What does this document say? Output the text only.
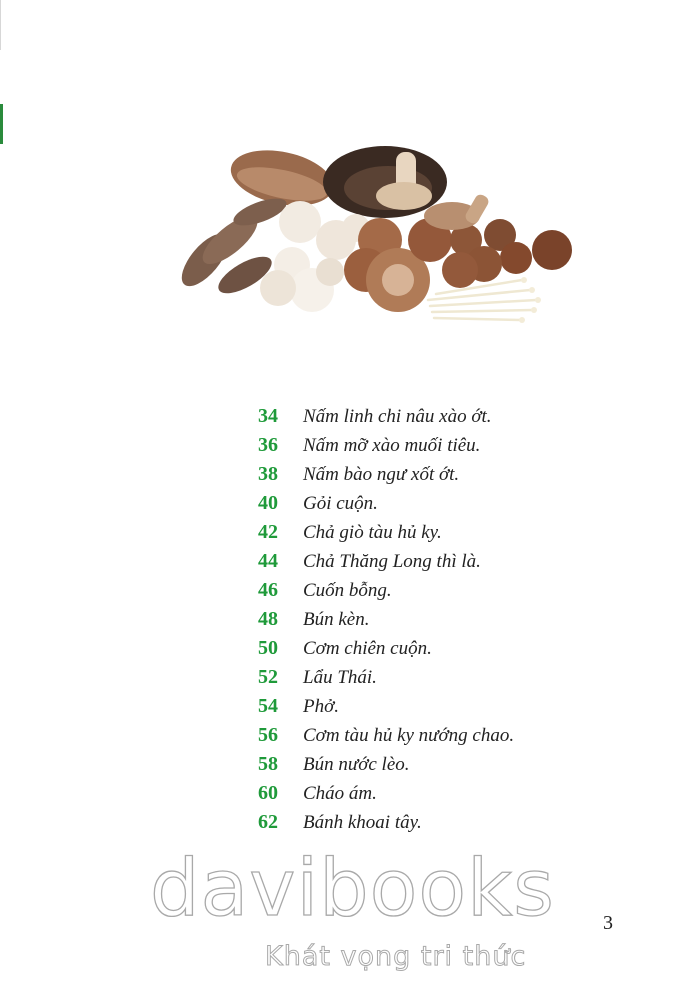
34	Nấm linh chi nâu xào ớt.
36	Nấm mỡ xào muối tiêu.
38	Nấm bào ngư xốt ớt.
40	Gỏi cuộn.
42	Chả giò tàu hủ ky.
44	Chả Thăng Long thì là.
46	Cuốn bỗng.
48	Bún kèn.
50	Cơm chiên cuộn.
52	Lẩu Thái.
54	Phở.
56	Cơm tàu hủ ky nướng chao.
58	Bún nước lèo.
60	Cháo ám.
62	Bánh khoai tây.
davibooks
Khát vọng tri thức
3
